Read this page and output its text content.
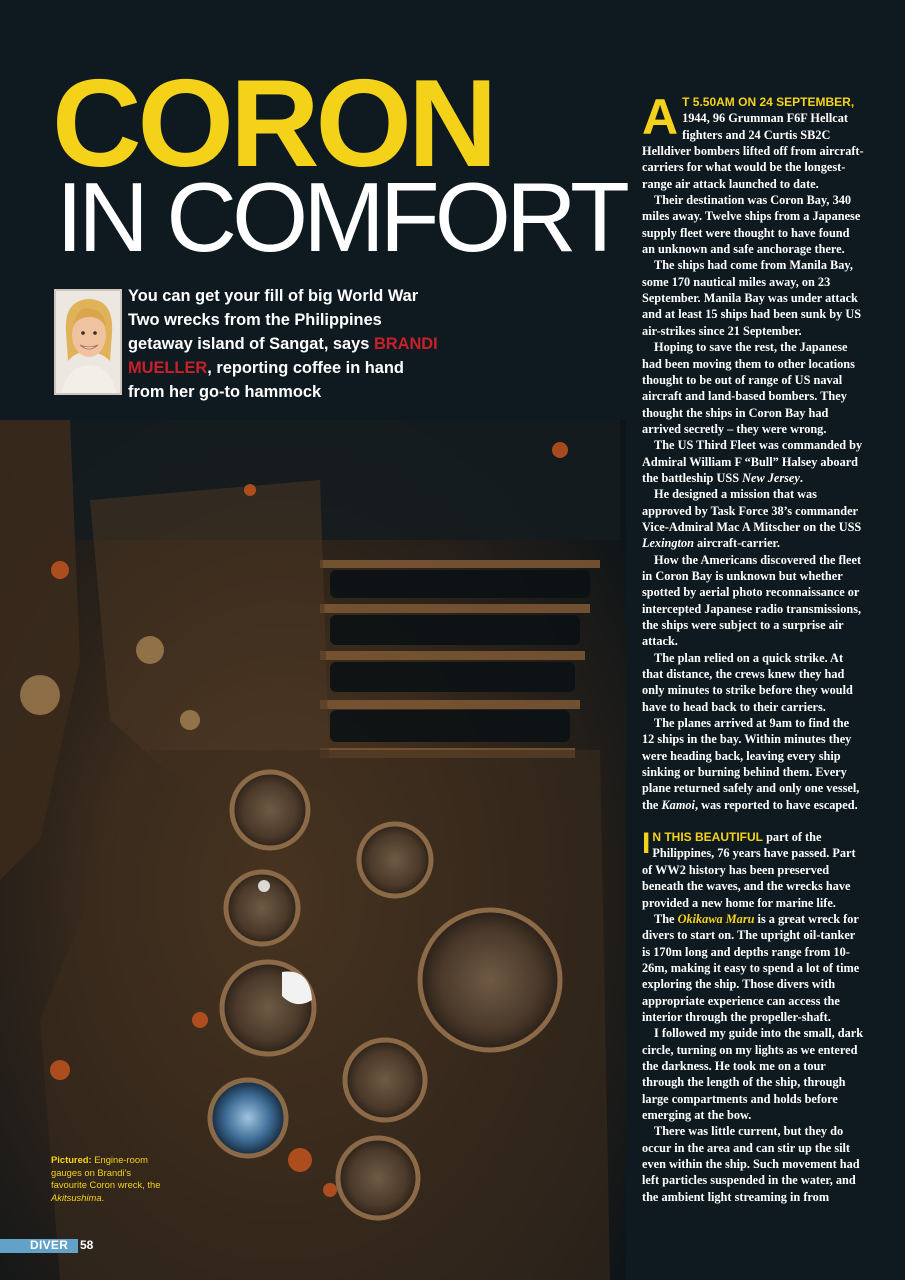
CORON
IN COMFORT
You can get your fill of big World War Two wrecks from the Philippines getaway island of Sangat, says BRANDI MUELLER, reporting coffee in hand from her go-to hammock
Pictured: Engine-room gauges on Brandi’s favourite Coron wreck, the Akitsushima.
DIVER 58

A T 5.50AM ON 24 SEPTEMBER, 1944, 96 Grumman F6F Hellcat fighters and 24 Curtis SB2C Helldiver bombers lifted off from aircraft-carriers for what would be the longest-range air attack launched to date.

Their destination was Coron Bay, 340 miles away. Twelve ships from a Japanese supply fleet were thought to have found an unknown and safe anchorage there.

The ships had come from Manila Bay, some 170 nautical miles away, on 23 September. Manila Bay was under attack and at least 15 ships had been sunk by US air-strikes since 21 September.

Hoping to save the rest, the Japanese had been moving them to other locations thought to be out of range of US naval aircraft and land-based bombers. They thought the ships in Coron Bay had arrived secretly – they were wrong.

The US Third Fleet was commanded by Admiral William F “Bull” Halsey aboard the battleship USS New Jersey.

He designed a mission that was approved by Task Force 38’s commander Vice-Admiral Mac A Mitscher on the USS Lexington aircraft-carrier.

How the Americans discovered the fleet in Coron Bay is unknown but whether spotted by aerial photo reconnaissance or intercepted Japanese radio transmissions, the ships were subject to a surprise air attack.

The plan relied on a quick strike. At that distance, the crews knew they had only minutes to strike before they would have to head back to their carriers.

The planes arrived at 9am to find the 12 ships in the bay. Within minutes they were heading back, leaving every ship sinking or burning behind them. Every plane returned safely and only one vessel, the Kamoi, was reported to have escaped.

I N THIS BEAUTIFUL part of the Philippines, 76 years have passed. Part of WW2 history has been preserved beneath the waves, and the wrecks have provided a new home for marine life.

The Okikawa Maru is a great wreck for divers to start on. The upright oil-tanker is 170m long and depths range from 10-26m, making it easy to spend a lot of time exploring the ship. Those divers with appropriate experience can access the interior through the propeller-shaft.

I followed my guide into the small, dark circle, turning on my lights as we entered the darkness. He took me on a tour through the length of the ship, through large compartments and holds before emerging at the bow.

There was little current, but they do occur in the area and can stir up the silt even within the ship. Such movement had left particles suspended in the water, and the ambient light streaming in from
